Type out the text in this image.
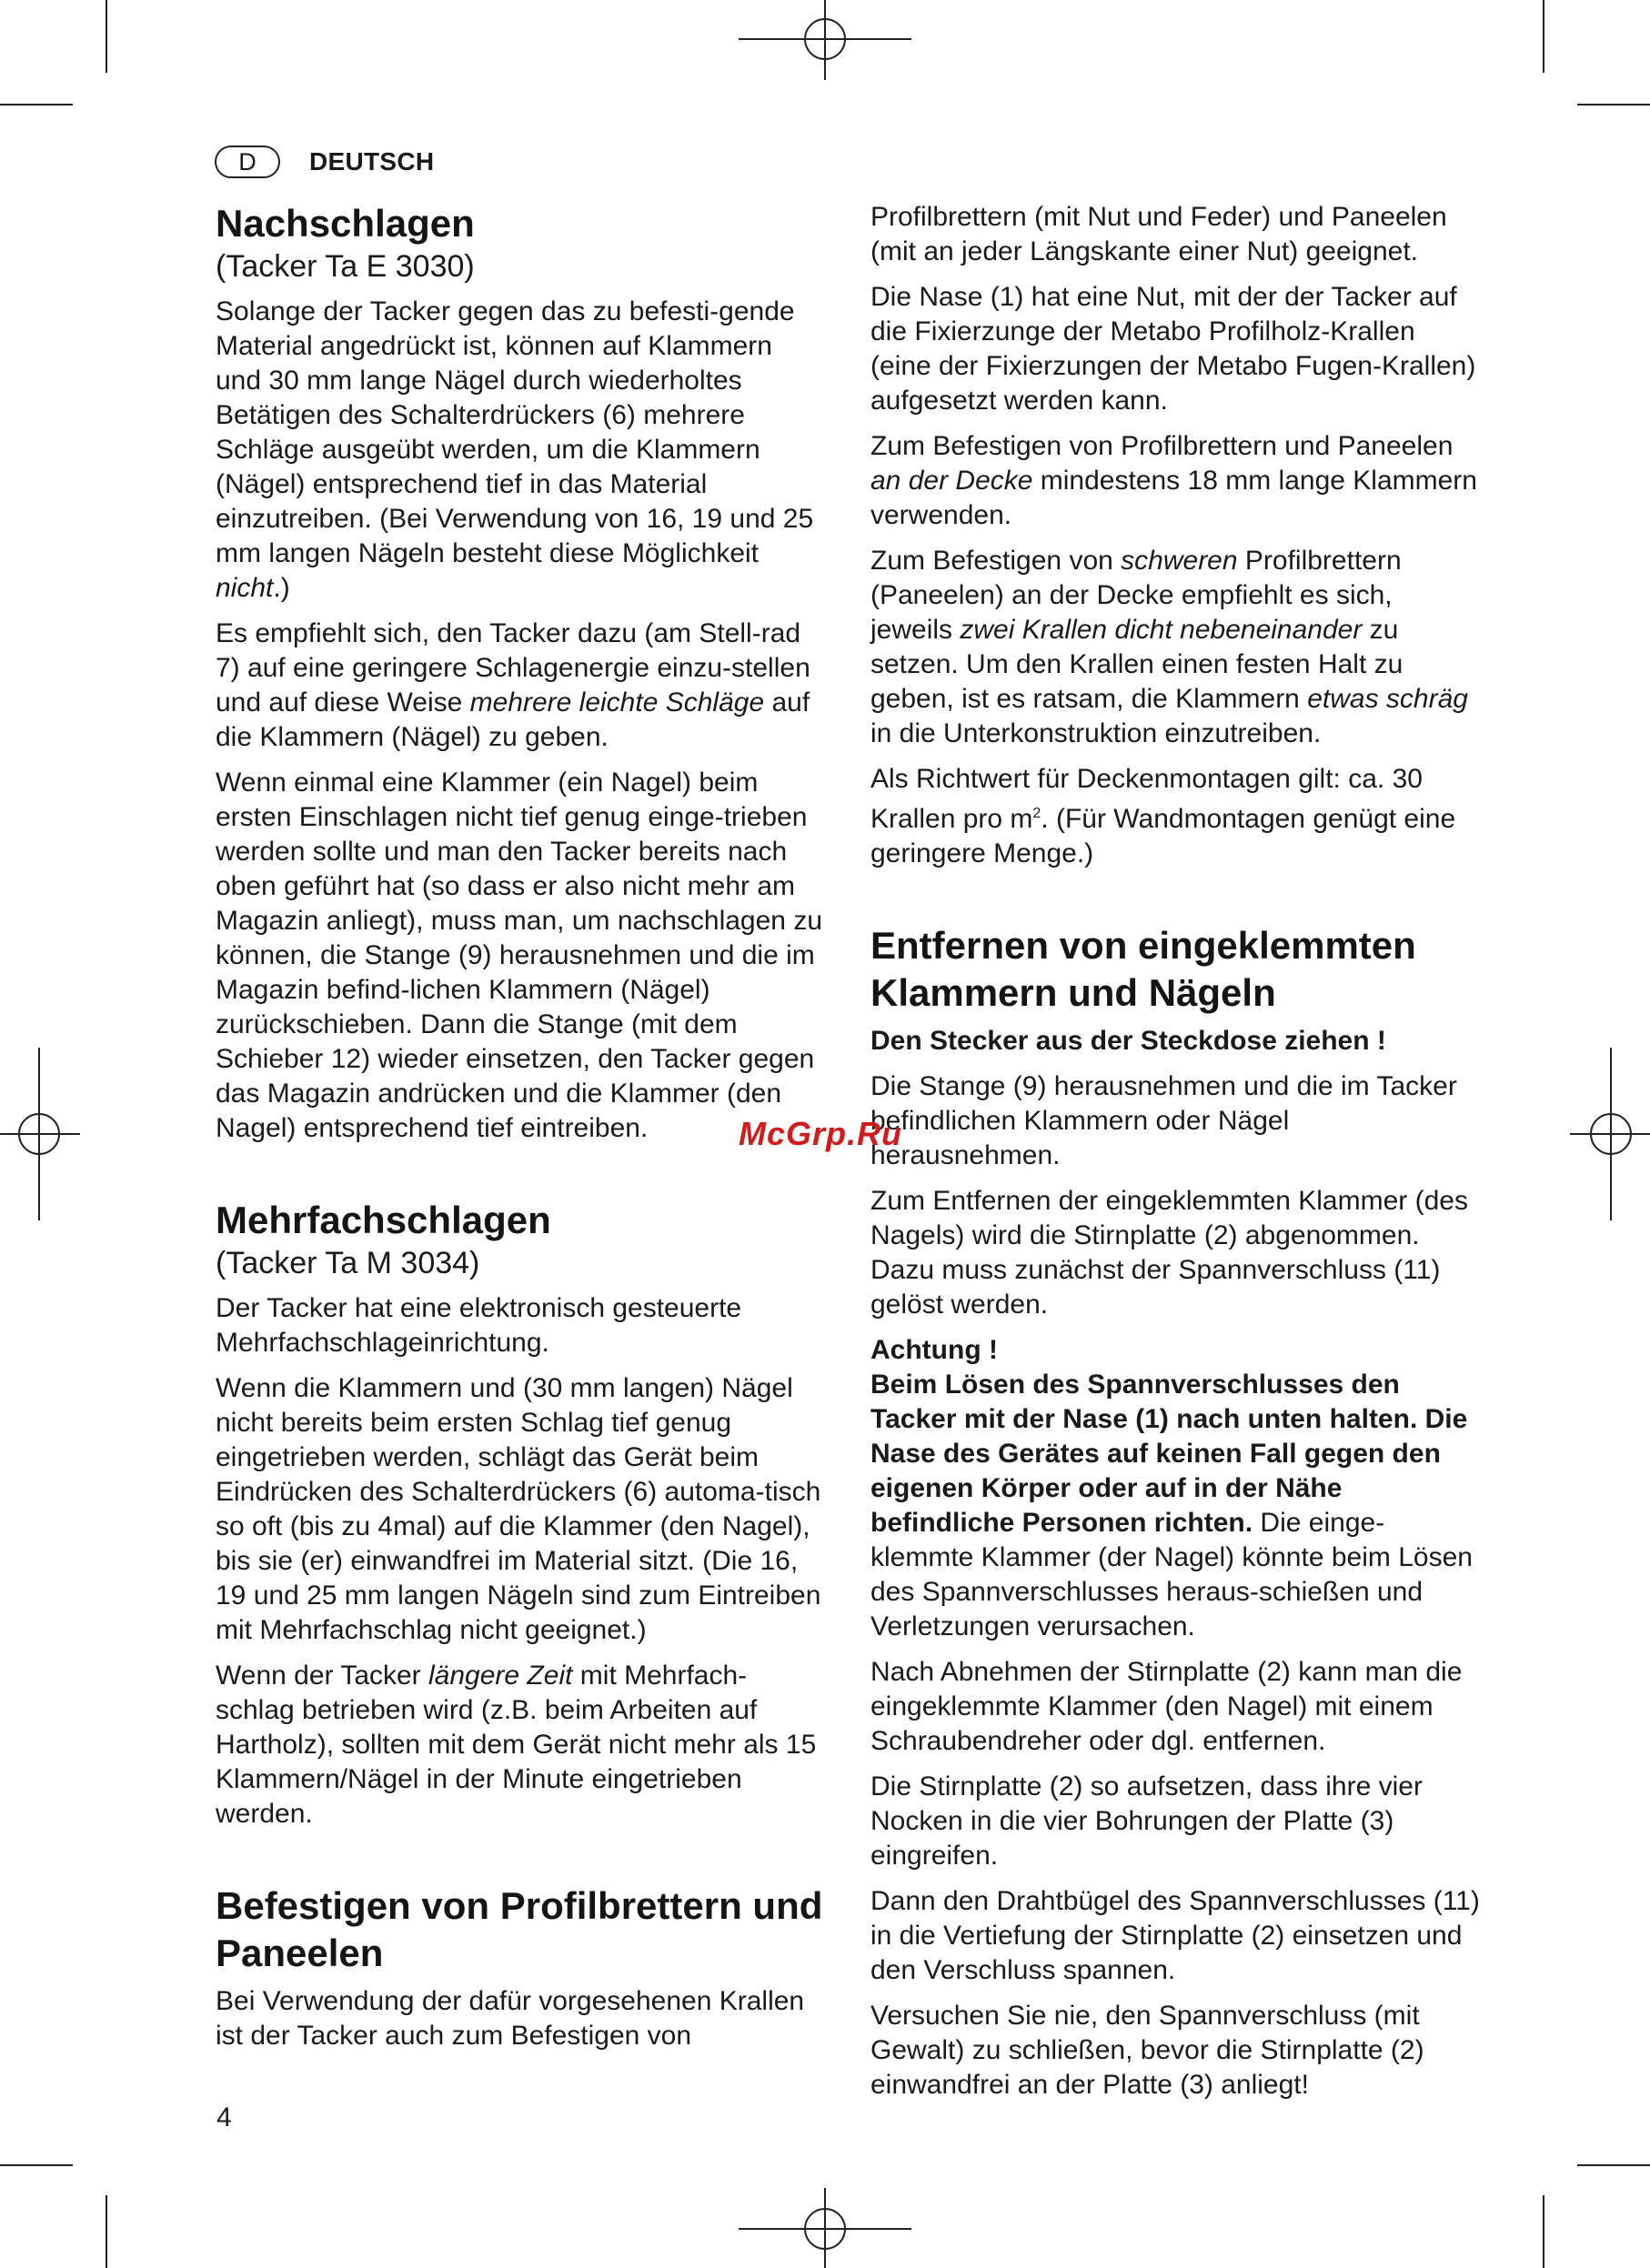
D	DEUTSCH
Nachschlagen
(Tacker Ta E 3030)

Solange der Tacker gegen das zu befesti-gende Material angedrückt ist, können auf Klammern und 30 mm lange Nägel durch wiederholtes Betätigen des Schalterdrückers (6) mehrere Schläge ausgeübt werden, um die Klammern (Nägel) entsprechend tief in das Material einzutreiben. (Bei Verwendung von 16, 19 und 25 mm langen Nägeln besteht diese Möglichkeit nicht.)

Es empfiehlt sich, den Tacker dazu (am Stell-rad 7) auf eine geringere Schlagenergie einzu-stellen und auf diese Weise mehrere leichte Schläge auf die Klammern (Nägel) zu geben.

Wenn einmal eine Klammer (ein Nagel) beim ersten Einschlagen nicht tief genug einge-trieben werden sollte und man den Tacker bereits nach oben geführt hat (so dass er also nicht mehr am Magazin anliegt), muss man, um nachschlagen zu können, die Stange (9) herausnehmen und die im Magazin befind-lichen Klammern (Nägel) zurückschieben. Dann die Stange (mit dem Schieber 12) wieder einsetzen, den Tacker gegen das Magazin andrücken und die Klammer (den Nagel) entsprechend tief eintreiben.

Mehrfachschlagen
(Tacker Ta M 3034)

Der Tacker hat eine elektronisch gesteuerte Mehrfachschlageinrichtung.

Wenn die Klammern und (30 mm langen) Nägel nicht bereits beim ersten Schlag tief genug eingetrieben werden, schlägt das Gerät beim Eindrücken des Schalterdrückers (6) automa-tisch so oft (bis zu 4mal) auf die Klammer (den Nagel), bis sie (er) einwandfrei im Material sitzt. (Die 16, 19 und 25 mm langen Nägeln sind zum Eintreiben mit Mehrfachschlag nicht geeignet.)

Wenn der Tacker längere Zeit mit Mehrfach-schlag betrieben wird (z.B. beim Arbeiten auf Hartholz), sollten mit dem Gerät nicht mehr als 15 Klammern/Nägel in der Minute eingetrieben werden.

Befestigen von Profilbrettern und Paneelen

Bei Verwendung der dafür vorgesehenen Krallen ist der Tacker auch zum Befestigen von

Profilbrettern (mit Nut und Feder) und Paneelen (mit an jeder Längskante einer Nut) geeignet.

Die Nase (1) hat eine Nut, mit der der Tacker auf die Fixierzunge der Metabo Profilholz-Krallen (eine der Fixierzungen der Metabo Fugen-Krallen) aufgesetzt werden kann.

Zum Befestigen von Profilbrettern und Paneelen an der Decke mindestens 18 mm lange Klammern verwenden.

Zum Befestigen von schweren Profilbrettern (Paneelen) an der Decke empfiehlt es sich, jeweils zwei Krallen dicht nebeneinander zu setzen. Um den Krallen einen festen Halt zu geben, ist es ratsam, die Klammern etwas schräg in die Unterkonstruktion einzutreiben.

Als Richtwert für Deckenmontagen gilt: ca. 30 Krallen pro $m^2$. (Für Wandmontagen genügt eine geringere Menge.)

Entfernen von eingeklemmten Klammern und Nägeln

Den Stecker aus der Steckdose ziehen !

Die Stange (9) herausnehmen und die im Tacker befindlichen Klammern oder Nägel herausnehmen.

Zum Entfernen der eingeklemmten Klammer (des Nagels) wird die Stirnplatte (2) abgenommen. Dazu muss zunächst der Spannverschluss (11) gelöst werden.

Achtung !
Beim Lösen des Spannverschlusses den Tacker mit der Nase (1) nach unten halten. Die Nase des Gerätes auf keinen Fall gegen den eigenen Körper oder auf in der Nähe befindliche Personen richten. Die einge-klemmte Klammer (der Nagel) könnte beim Lösen des Spannverschlusses heraus-schießen und Verletzungen verursachen.

Nach Abnehmen der Stirnplatte (2) kann man die eingeklemmte Klammer (den Nagel) mit einem Schraubendreher oder dgl. entfernen.

Die Stirnplatte (2) so aufsetzen, dass ihre vier Nocken in die vier Bohrungen der Platte (3) eingreifen.

Dann den Drahtbügel des Spannverschlusses (11) in die Vertiefung der Stirnplatte (2) einsetzen und den Verschluss spannen.

Versuchen Sie nie, den Spannverschluss (mit Gewalt) zu schließen, bevor die Stirnplatte (2) einwandfrei an der Platte (3) anliegt!

McGrp.Ru
4
